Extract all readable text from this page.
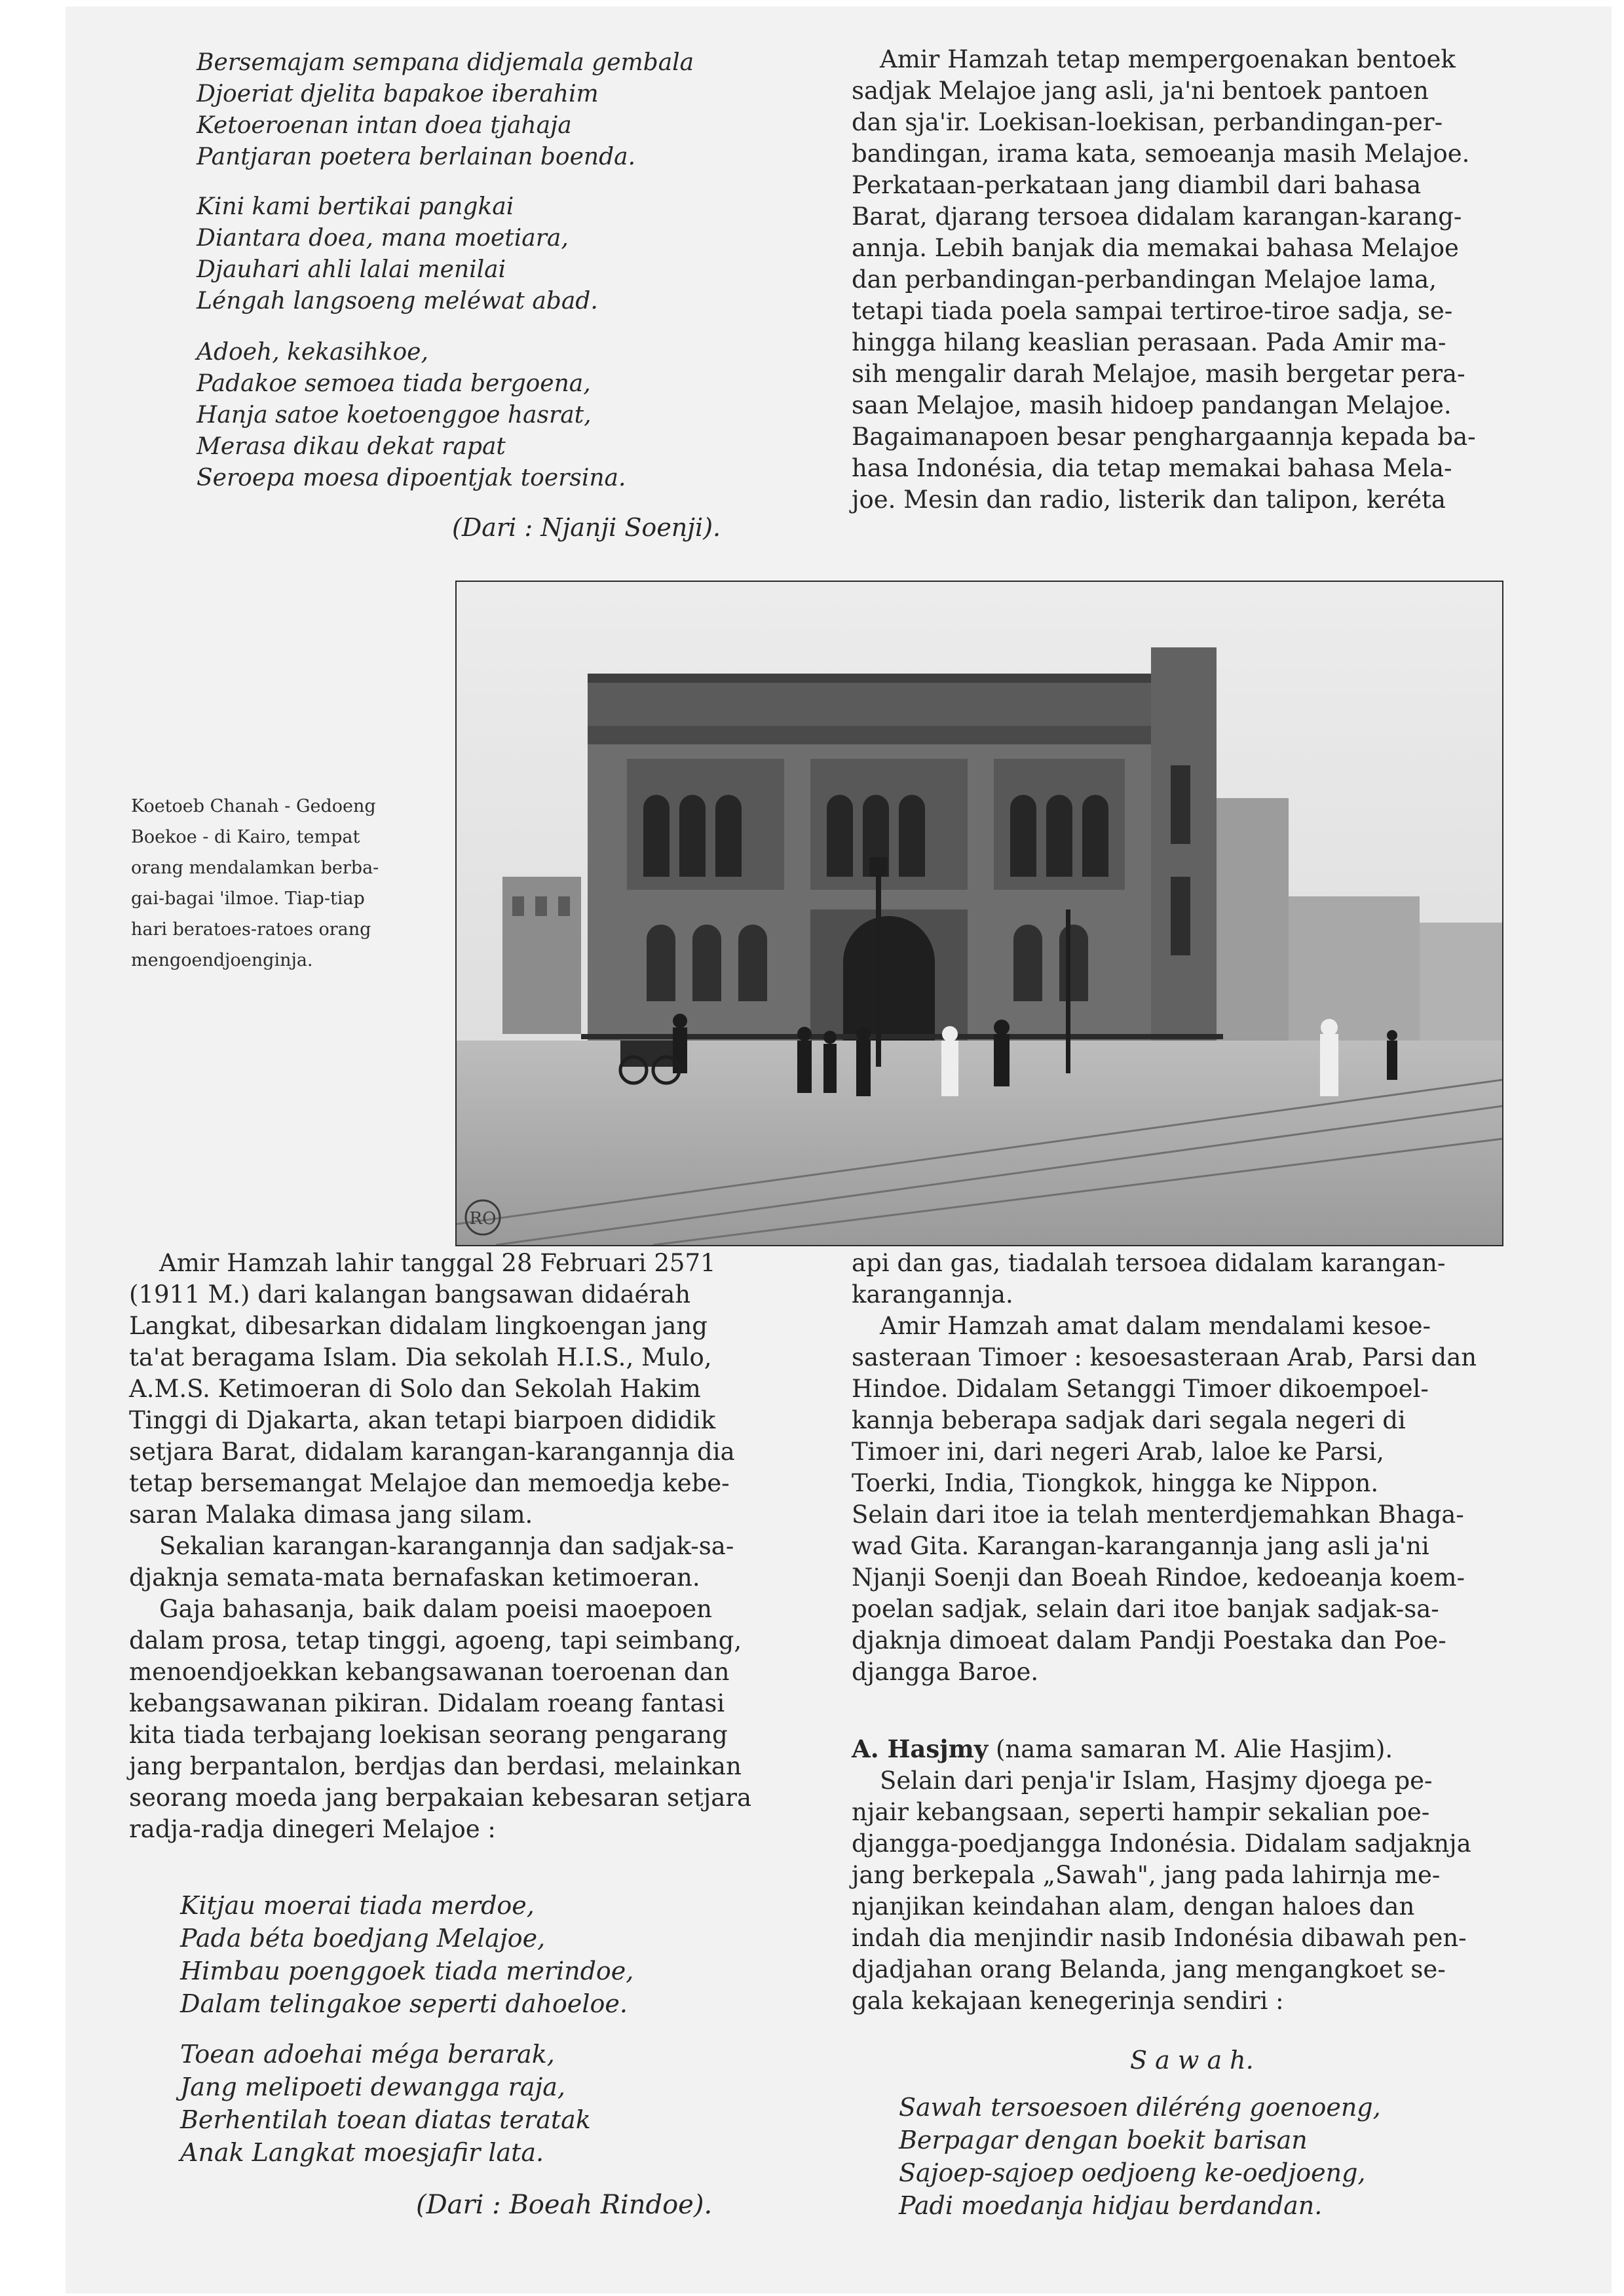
Bersemajam sempana didjemala gembala

Djoeriat djelita bapakoe iberahim

Ketoeroenan intan doea tjahaja

Pantjaran poetera berlainan boenda.

Kini kami bertikai pangkai

Diantara doea, mana moetiara,

Djauhari ahli lalai menilai

Léngah langsoeng meléwat abad.

Adoeh, kekasihkoe,

Padakoe semoea tiada bergoena,

Hanja satoe koetoenggoe hasrat,

Merasa dikau dekat rapat

Seroepa moesa dipoentjak toersina.

(Dari : Njanji Soenji).

Amir Hamzah tetap mempergoenakan bentoek

sadjak Melajoe jang asli, ja'ni bentoek pantoen

dan sja'ir. Loekisan-loekisan, perbandingan-per-

bandingan, irama kata, semoeanja masih Melajoe.

Perkataan-perkataan jang diambil dari bahasa

Barat, djarang tersoea didalam karangan-karang-

annja. Lebih banjak dia memakai bahasa Melajoe

dan perbandingan-perbandingan Melajoe lama,

tetapi tiada poela sampai tertiroe-tiroe sadja, se-

hingga hilang keaslian perasaan. Pada Amir ma-

sih mengalir darah Melajoe, masih bergetar pera-

saan Melajoe, masih hidoep pandangan Melajoe.

Bagaimanapoen besar penghargaannja kepada ba-

hasa Indonésia, dia tetap memakai bahasa Mela-

joe. Mesin dan radio, listerik dan talipon, keréta

Koetoeb Chanah - Gedoeng

Boekoe - di Kairo, tempat

orang mendalamkan berba-

gai-bagai 'ilmoe. Tiap-tiap

hari beratoes-ratoes orang

mengoendjoenginja.

RO

Amir Hamzah lahir tanggal 28 Februari 2571

(1911 M.) dari kalangan bangsawan didaérah

Langkat, dibesarkan didalam lingkoengan jang

ta'at beragama Islam. Dia sekolah H.I.S., Mulo,

A.M.S. Ketimoeran di Solo dan Sekolah Hakim

Tinggi di Djakarta, akan tetapi biarpoen dididik

setjara Barat, didalam karangan-karangannja dia

tetap bersemangat Melajoe dan memoedja kebe-

saran Malaka dimasa jang silam.

Sekalian karangan-karangannja dan sadjak-sa-

djaknja semata-mata bernafaskan ketimoeran.

Gaja bahasanja, baik dalam poeisi maoepoen

dalam prosa, tetap tinggi, agoeng, tapi seimbang,

menoendjoekkan kebangsawanan toeroenan dan

kebangsawanan pikiran. Didalam roeang fantasi

kita tiada terbajang loekisan seorang pengarang

jang berpantalon, berdjas dan berdasi, melainkan

seorang moeda jang berpakaian kebesaran setjara

radja-radja dinegeri Melajoe :

Kitjau moerai tiada merdoe,

Pada béta boedjang Melajoe,

Himbau poenggoek tiada merindoe,

Dalam telingakoe seperti dahoeloe.

Toean adoehai méga berarak,

Jang melipoeti dewangga raja,

Berhentilah toean diatas teratak

Anak Langkat moesjafir lata.

(Dari : Boeah Rindoe).

api dan gas, tiadalah tersoea didalam karangan-

karangannja.

Amir Hamzah amat dalam mendalami kesoe-

sasteraan Timoer : kesoesasteraan Arab, Parsi dan

Hindoe. Didalam Setanggi Timoer dikoempoel-

kannja beberapa sadjak dari segala negeri di

Timoer ini, dari negeri Arab, laloe ke Parsi,

Toerki, India, Tiongkok, hingga ke Nippon.

Selain dari itoe ia telah menterdjemahkan Bhaga-

wad Gita. Karangan-karangannja jang asli ja'ni

Njanji Soenji dan Boeah Rindoe, kedoeanja koem-

poelan sadjak, selain dari itoe banjak sadjak-sa-

djaknja dimoeat dalam Pandji Poestaka dan Poe-

djangga Baroe.

A. Hasjmy (nama samaran M. Alie Hasjim).

Selain dari penja'ir Islam, Hasjmy djoega pe-

njair kebangsaan, seperti hampir sekalian poe-

djangga-poedjangga Indonésia. Didalam sadjaknja

jang berkepala „Sawah", jang pada lahirnja me-

njanjikan keindahan alam, dengan haloes dan

indah dia menjindir nasib Indonésia dibawah pen-

djadjahan orang Belanda, jang mengangkoet se-

gala kekajaan kenegerinja sendiri :

S a w a h.

Sawah tersoesoen diléréng goenoeng,

Berpagar dengan boekit barisan

Sajoep-sajoep oedjoeng ke-oedjoeng,

Padi moedanja hidjau berdandan.
